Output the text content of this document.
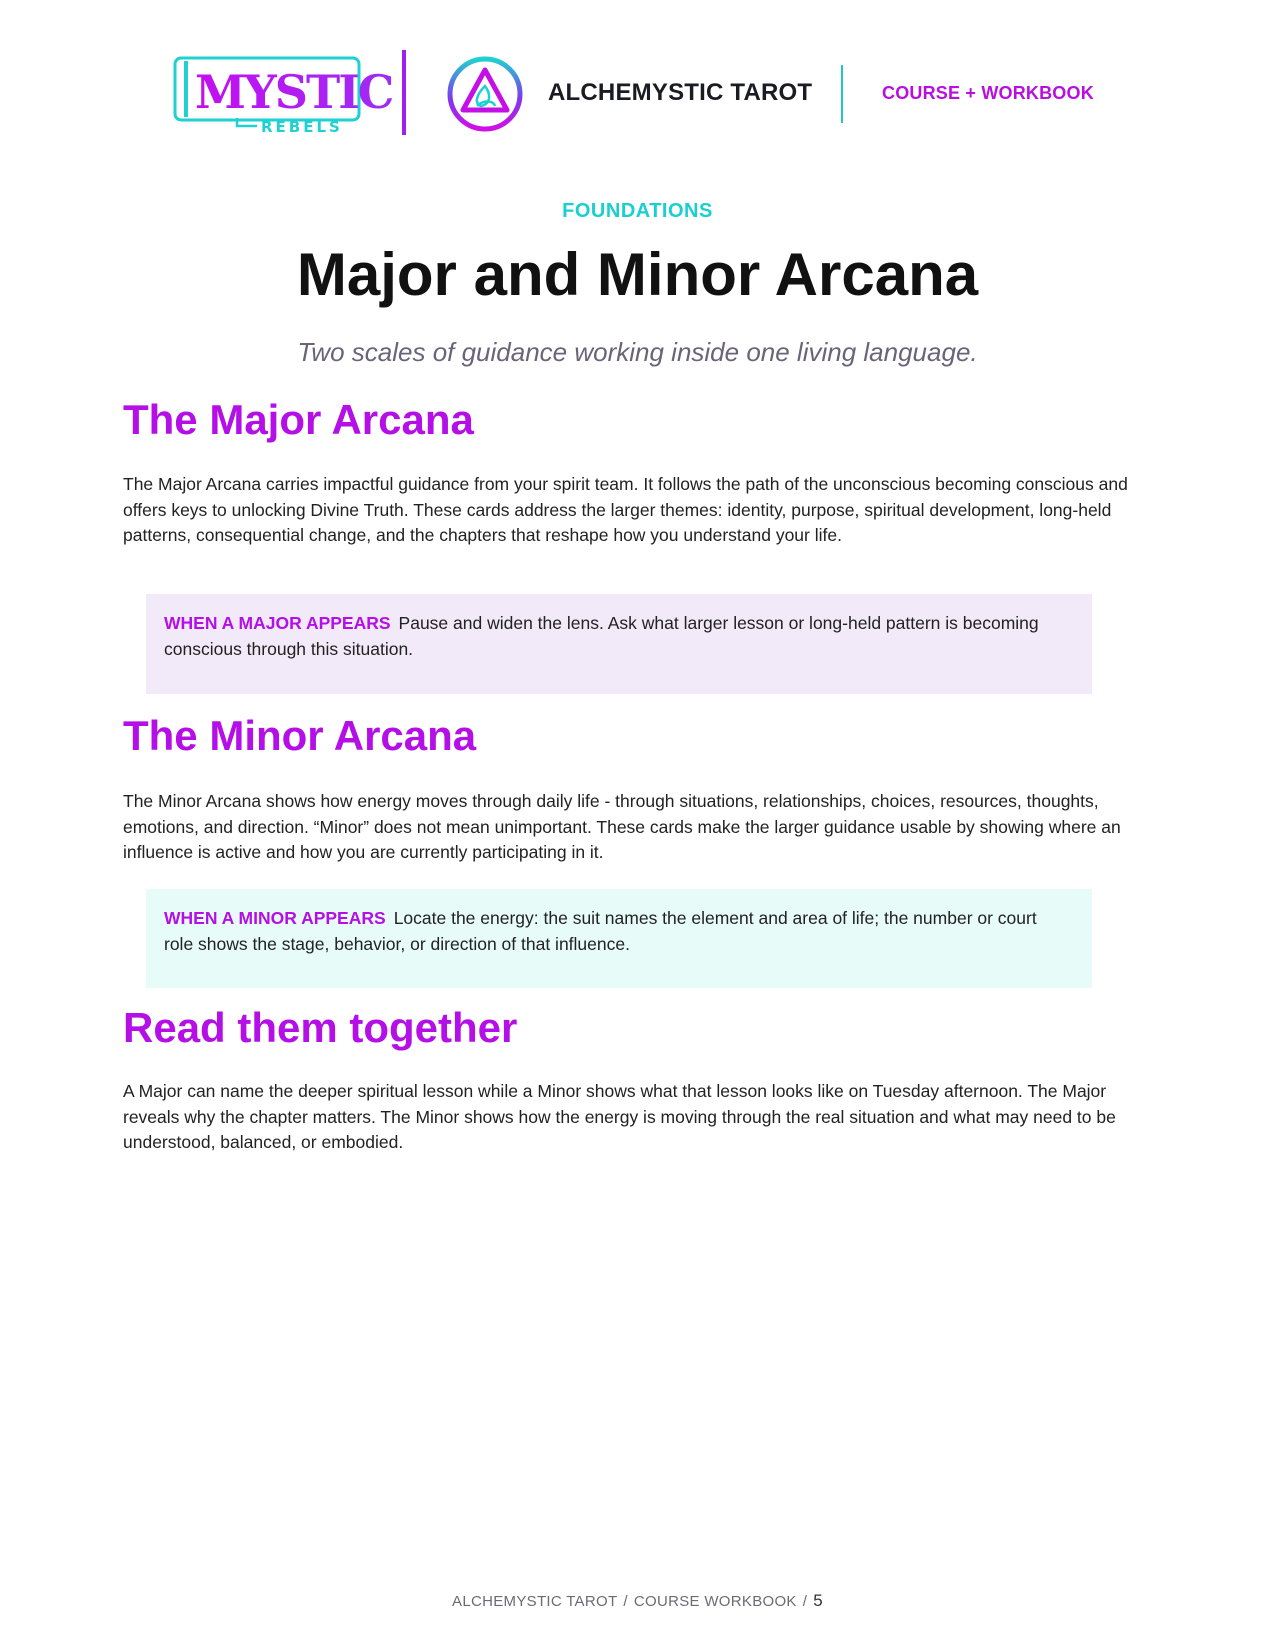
MYSTIC
REBELS
ALCHEMYSTIC TAROT	COURSE + WORKBOOK
FOUNDATIONS
Major and Minor Arcana
Two scales of guidance working inside one living language.
The Major Arcana
The Major Arcana carries impactful guidance from your spirit team. It follows the path of the unconscious becoming conscious and offers keys to unlocking Divine Truth. These cards address the larger themes: identity, purpose, spiritual development, long-held patterns, consequential change, and the chapters that reshape how you understand your life.
WHEN A MAJOR APPEARS Pause and widen the lens. Ask what larger lesson or long-held pattern is becoming conscious through this situation.
The Minor Arcana
The Minor Arcana shows how energy moves through daily life - through situations, relationships, choices, resources, thoughts, emotions, and direction. “Minor” does not mean unimportant. These cards make the larger guidance usable by showing where an influence is active and how you are currently participating in it.
WHEN A MINOR APPEARS Locate the energy: the suit names the element and area of life; the number or court role shows the stage, behavior, or direction of that influence.
Read them together
A Major can name the deeper spiritual lesson while a Minor shows what that lesson looks like on Tuesday afternoon. The Major reveals why the chapter matters. The Minor shows how the energy is moving through the real situation and what may need to be understood, balanced, or embodied.
ALCHEMYSTIC TAROT / COURSE WORKBOOK / 5
